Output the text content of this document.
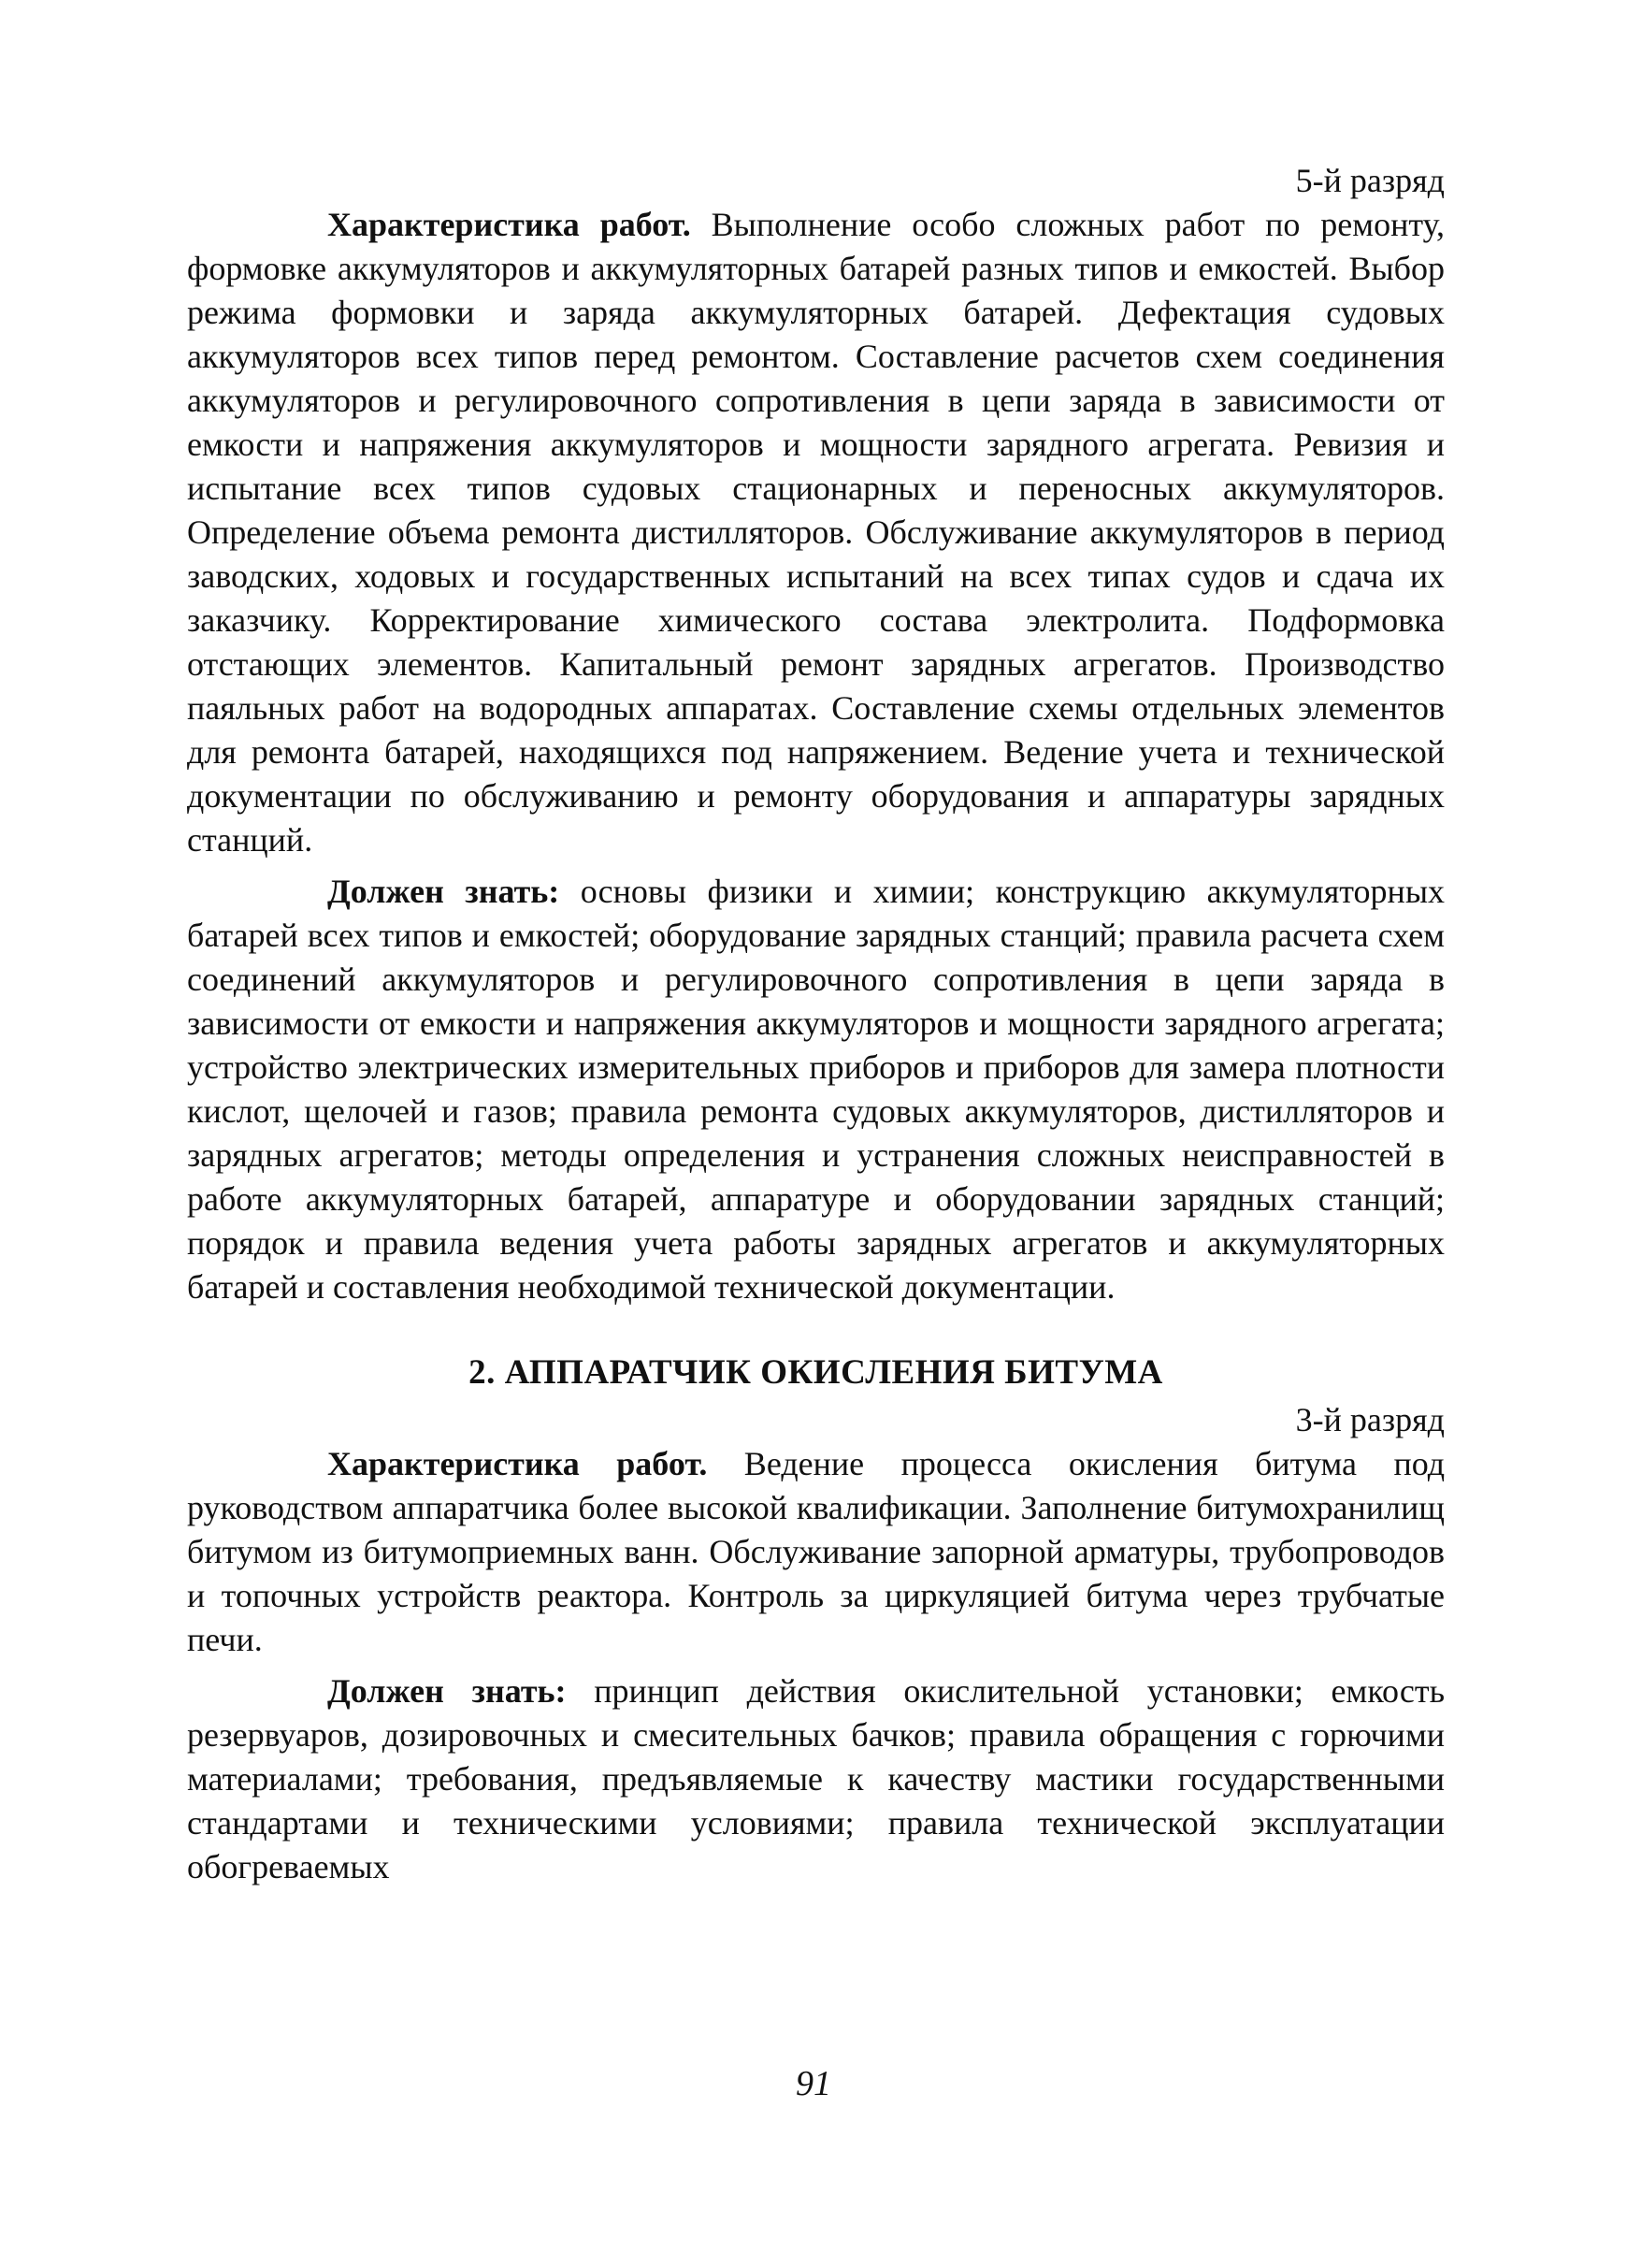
5-й разряд

Характеристика работ. Выполнение особо сложных работ по ремонту, формовке аккумуляторов и аккумуляторных батарей разных типов и емкостей. Выбор режима формовки и заряда аккумуляторных батарей. Дефектация судовых аккумуляторов всех типов перед ремонтом. Составление расчетов схем соединения аккумуляторов и регулировочного сопротивления в цепи заряда в зависимости от емкости и напряжения аккумуляторов и мощности зарядного агрегата. Ревизия и испытание всех типов судовых стационарных и переносных аккумуляторов. Определение объема ремонта дистилляторов. Обслуживание аккумуляторов в период заводских, ходовых и государственных испытаний на всех типах судов и сдача их заказчику. Корректирование химического состава электролита. Подформовка отстающих элементов. Капитальный ремонт зарядных агрегатов. Производство паяльных работ на водородных аппаратах. Составление схемы отдельных элементов для ремонта батарей, находящихся под напряжением. Ведение учета и технической документации по обслуживанию и ремонту оборудования и аппаратуры зарядных станций.

Должен знать: основы физики и химии; конструкцию аккумуляторных батарей всех типов и емкостей; оборудование зарядных станций; правила расчета схем соединений аккумуляторов и регулировочного сопротивления в цепи заряда в зависимости от емкости и напряжения аккумуляторов и мощности зарядного агрегата; устройство электрических измерительных приборов и приборов для замера плотности кислот, щелочей и газов; правила ремонта судовых аккумуляторов, дистилляторов и зарядных агрегатов; методы определения и устранения сложных неисправностей в работе аккумуляторных батарей, аппаратуре и оборудовании зарядных станций; порядок и правила ведения учета работы зарядных агрегатов и аккумуляторных батарей и составления необходимой технической документации.

2. АППАРАТЧИК ОКИСЛЕНИЯ БИТУМА

3-й разряд

Характеристика работ. Ведение процесса окисления битума под руководством аппаратчика более высокой квалификации. Заполнение битумохранилищ битумом из битумоприемных ванн. Обслуживание запорной арматуры, трубопроводов и топочных устройств реактора. Контроль за циркуляцией битума через трубчатые печи.

Должен знать: принцип действия окислительной установки; емкость резервуаров, дозировочных и смесительных бачков; правила обращения с горючими материалами; требования, предъявляемые к качеству мастики государственными стандартами и техническими условиями; правила технической эксплуатации обогреваемых

91
